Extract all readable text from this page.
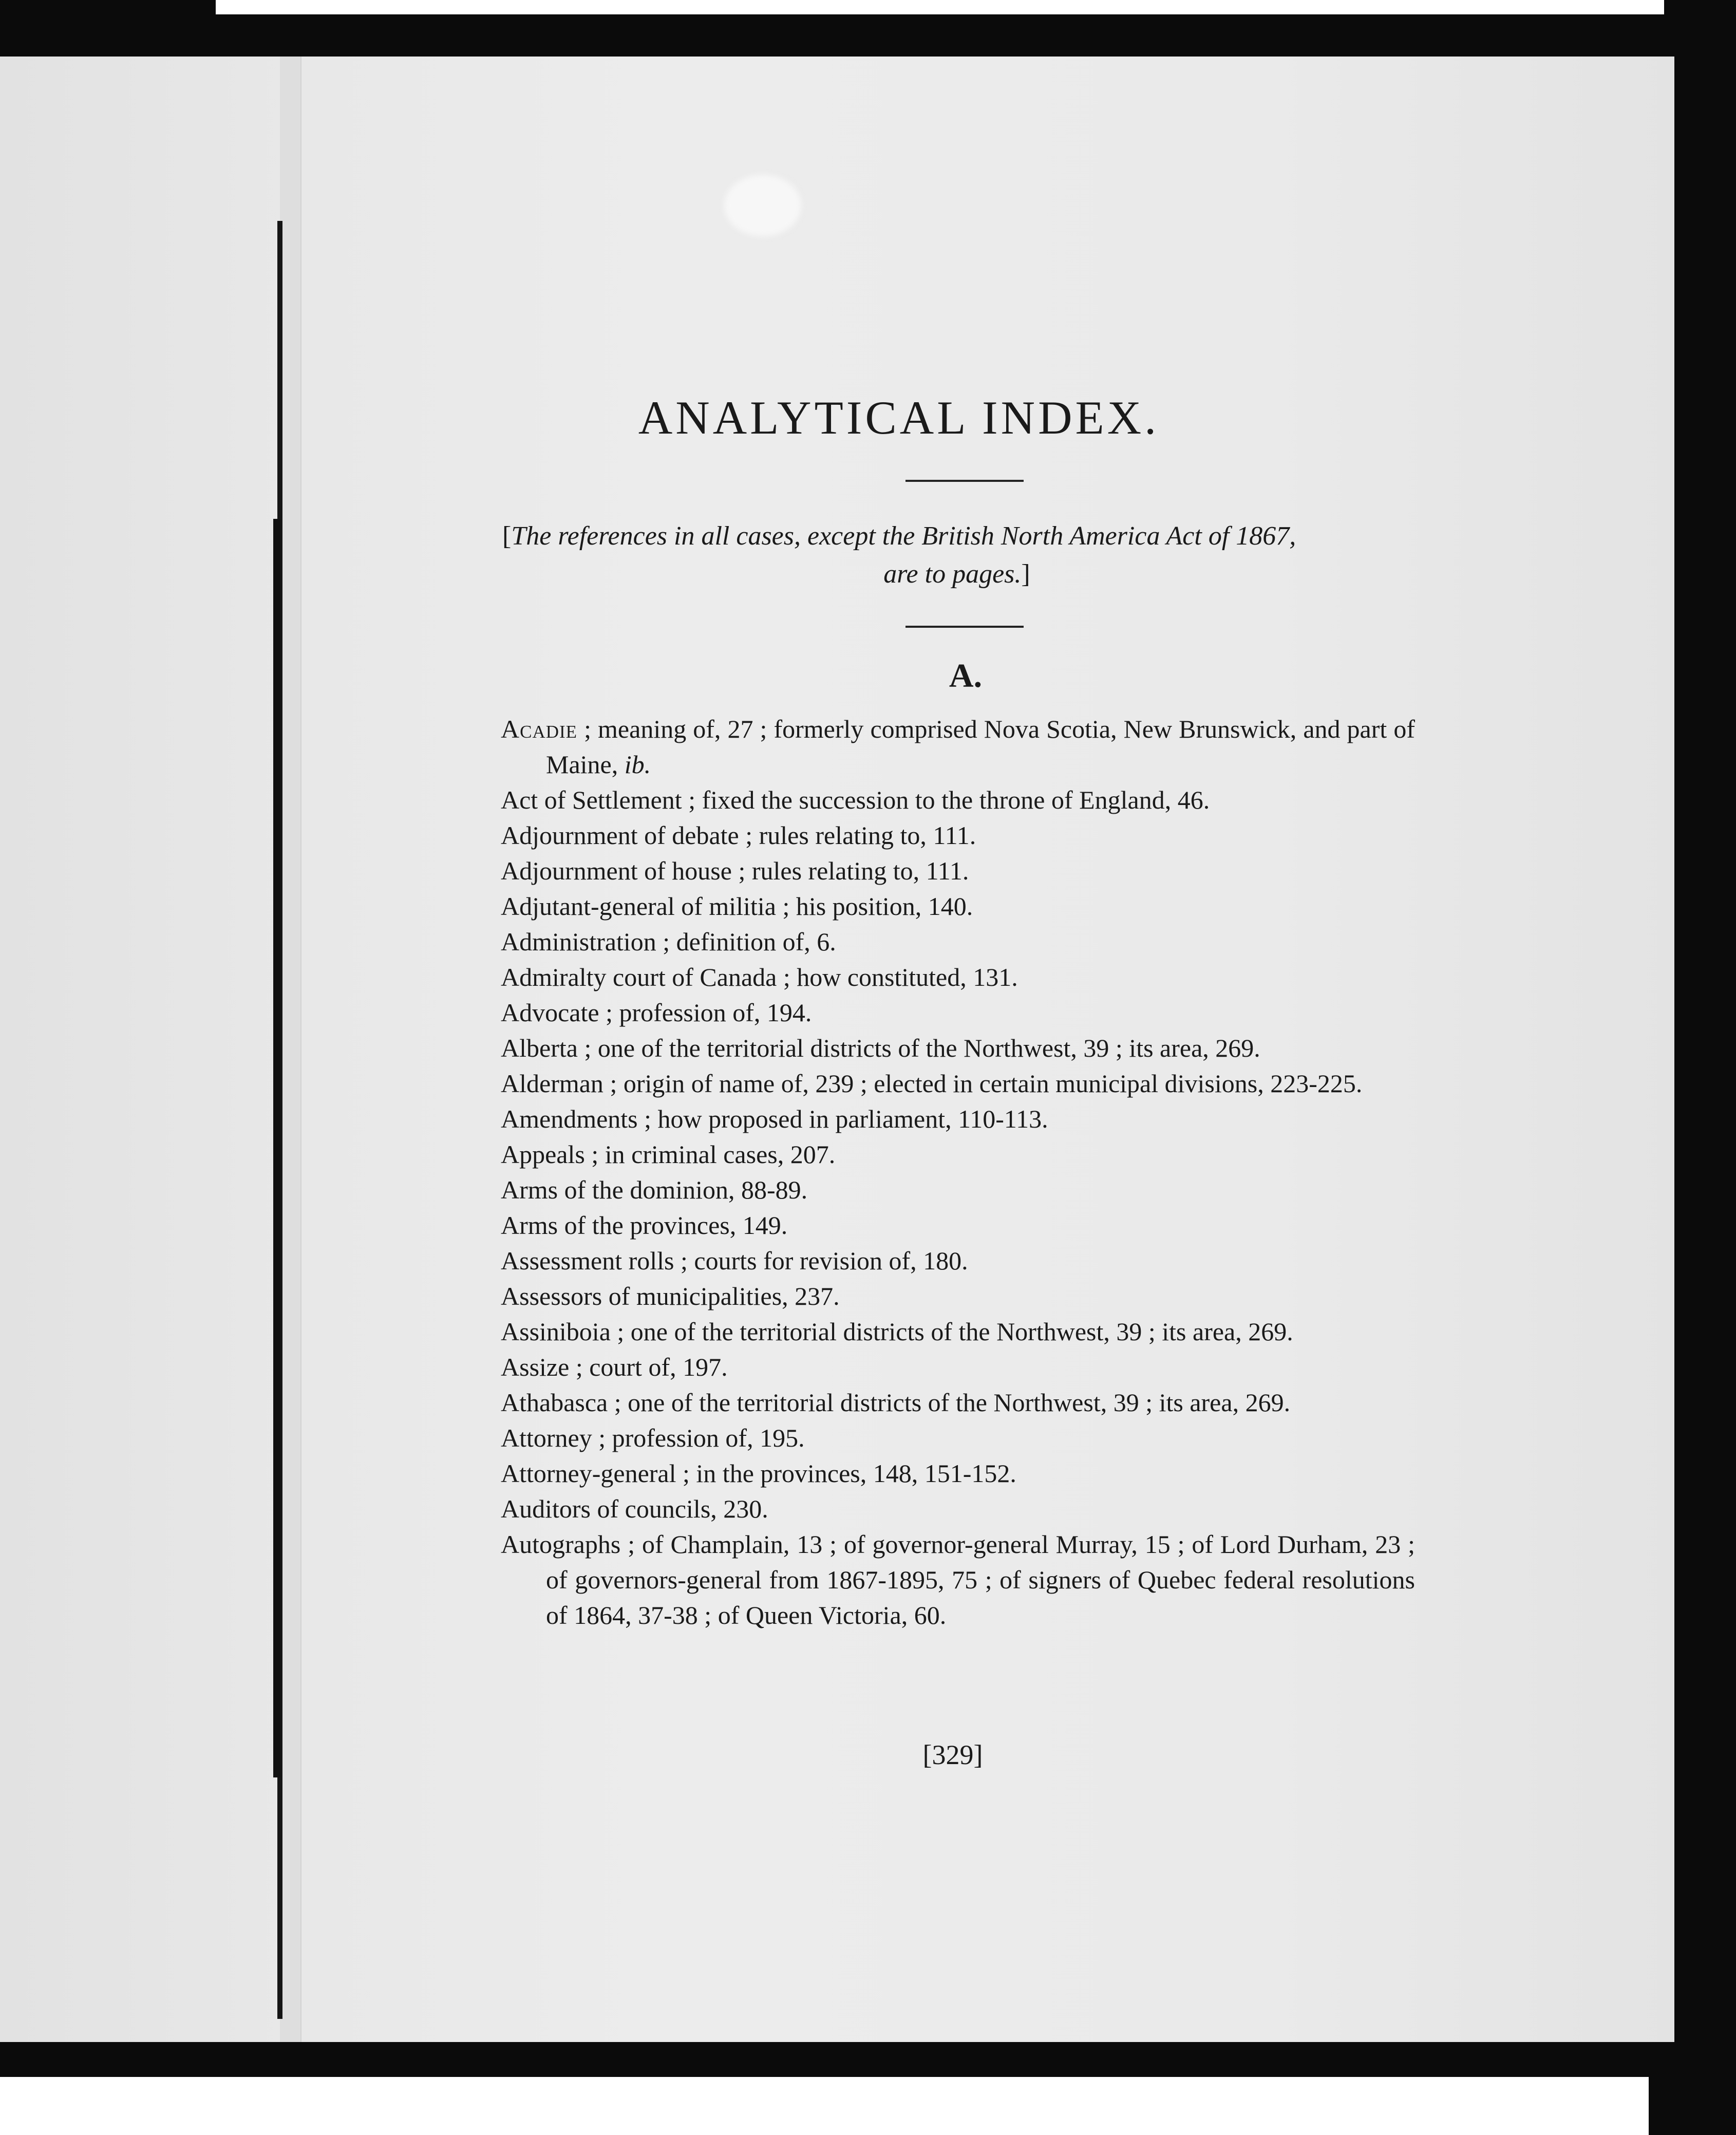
ANALYTICAL INDEX.
[The references in all cases, except the British North America Act of 1867,
are to pages.]
A.

Acadie ; meaning of, 27 ; formerly comprised Nova Scotia, New Brunswick, and part of Maine, ib.

Act of Settlement ; fixed the succession to the throne of England, 46.

Adjournment of debate ; rules relating to, 111.

Adjournment of house ; rules relating to, 111.

Adjutant-general of militia ; his position, 140.

Administration ; definition of, 6.

Admiralty court of Canada ; how constituted, 131.

Advocate ; profession of, 194.

Alberta ; one of the territorial districts of the Northwest, 39 ; its area, 269.

Alderman ; origin of name of, 239 ; elected in certain municipal divisions, 223-225.

Amendments ; how proposed in parliament, 110-113.

Appeals ; in criminal cases, 207.

Arms of the dominion, 88-89.

Arms of the provinces, 149.

Assessment rolls ; courts for revision of, 180.

Assessors of municipalities, 237.

Assiniboia ; one of the territorial districts of the Northwest, 39 ; its area, 269.

Assize ; court of, 197.

Athabasca ; one of the territorial districts of the Northwest, 39 ; its area, 269.

Attorney ; profession of, 195.

Attorney-general ; in the provinces, 148, 151-152.

Auditors of councils, 230.

Autographs ; of Champlain, 13 ; of governor-general Murray, 15 ; of Lord Durham, 23 ; of governors-general from 1867-1895, 75 ; of signers of Quebec federal resolutions of 1864, 37-38 ; of Queen Victoria, 60.

[329]
